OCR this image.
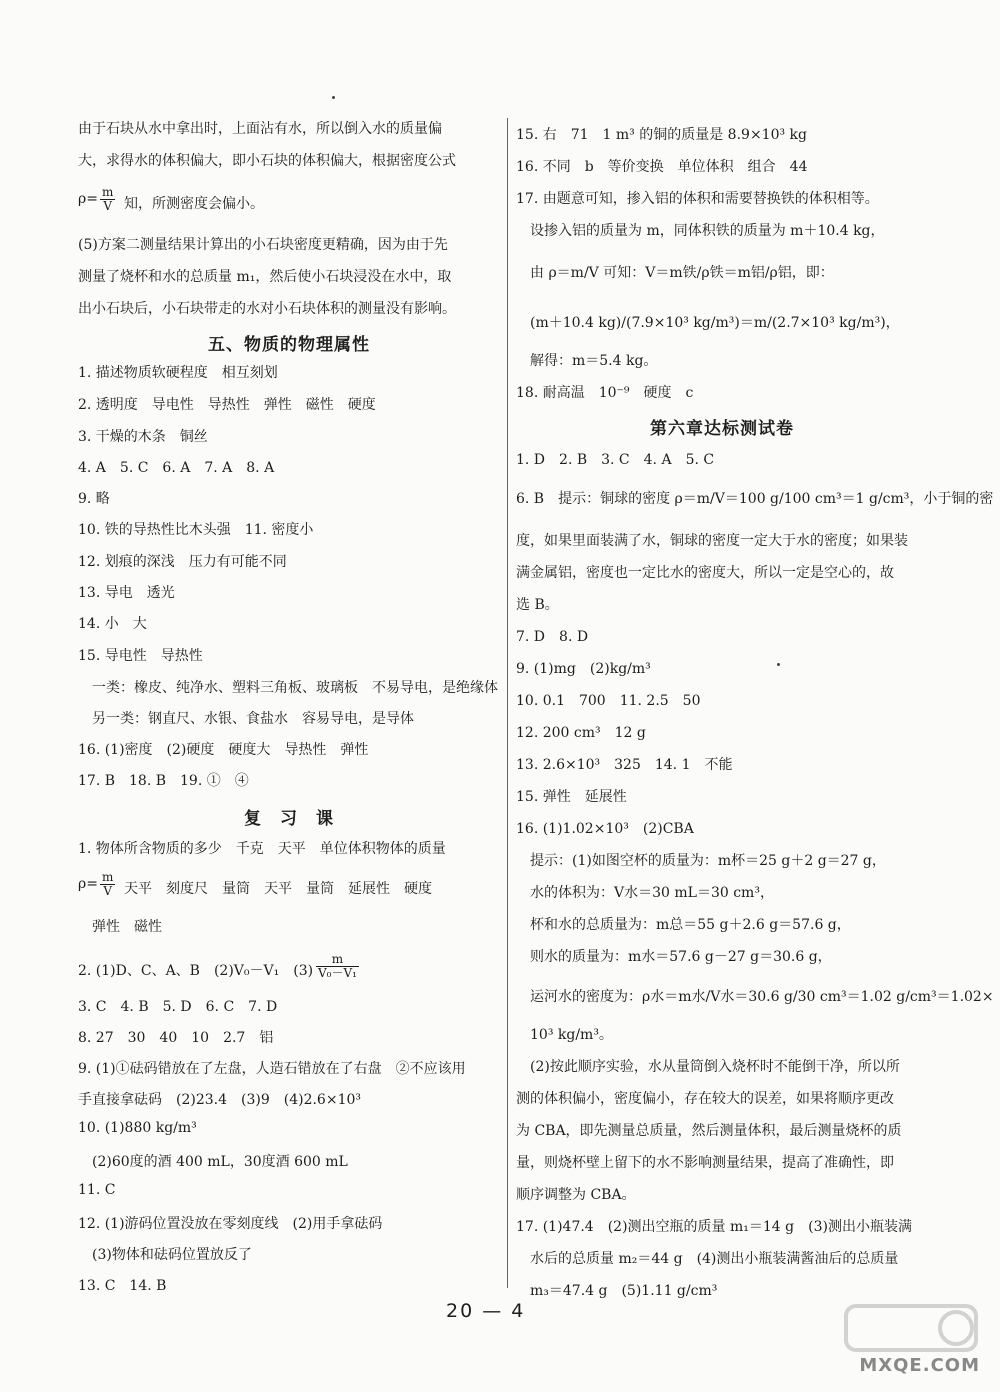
由于石块从水中拿出时，上面沾有水，所以倒入水的质量偏
大，求得水的体积偏大，即小石块的体积偏大，根据密度公式
知，所测密度会偏小。
(5)方案二测量结果计算出的小石块密度更精确，因为由于先
测量了烧杯和水的总质量 m₁，然后使小石块浸没在水中，取
出小石块后，小石块带走的水对小石块体积的测量没有影响。
1. 描述物质软硬程度　相互刻划
2. 透明度　导电性　导热性　弹性　磁性　硬度
3. 干燥的木条　铜丝
4. A　5. C　6. A　7. A　8. A
9. 略
10. 铁的导热性比木头强　11. 密度小
12. 划痕的深浅　压力有可能不同
13. 导电　透光
14. 小　大
15. 导电性　导热性
　一类：橡皮、纯净水、塑料三角板、玻璃板　不易导电，是绝缘体
　另一类：钢直尺、水银、食盐水　容易导电，是导体
16. (1)密度　(2)硬度　硬度大　导热性　弹性
17. B　18. B　19. ①　④
1. 物体所含物质的多少　千克　天平　单位体积物体的质量
天平　刻度尺　量筒　天平　量筒　延展性　硬度
　弹性　磁性
2. (1)D、C、A、B　(2)V₀－V₁　(3)
3. C　4. B　5. D　6. C　7. D
8. 27　30　40　10　2.7　铝
9. (1)①砝码错放在了左盘，人造石错放在了右盘　②不应该用
手直接拿砝码　(2)23.4　(3)9　(4)2.6×10³
10. (1)880 kg/m³
　(2)60度的酒 400 mL，30度酒 600 mL
11. C
12. (1)游码位置没放在零刻度线　(2)用手拿砝码
　(3)物体和砝码位置放反了
13. C　14. B
五、物质的物理属性
复　习　课
$\rho= \frac{m}{V}$
$\rho= \frac{m}{V}$
$\frac{m}{\text{V₀－V₁}}$
15. 右　71　1 m³ 的铜的质量是 8.9×10³ kg
16. 不同　b　等价变换　单位体积　组合　44
17. 由题意可知，掺入铝的体积和需要替换铁的体积相等。
　设掺入铝的质量为 m，同体积铁的质量为 m＋10.4 kg，
　由 ρ＝m/V 可知：V＝m铁/ρ铁＝m铝/ρ铝，即：
　(m＋10.4 kg)/(7.9×10³ kg/m³)＝m/(2.7×10³ kg/m³)，
　解得：m＝5.4 kg。
18. 耐高温　10⁻⁹　硬度　c
1. D　2. B　3. C　4. A　5. C
6. B　提示：铜球的密度 ρ＝m/V＝100 g/100 cm³＝1 g/cm³，小于铜的密
度，如果里面装满了水，铜球的密度一定大于水的密度；如果装
满金属铝，密度也一定比水的密度大，所以一定是空心的，故
选 B。
7. D　8. D
9. (1)mg　(2)kg/m³
10. 0.1　700　11. 2.5　50
12. 200 cm³　12 g
13. 2.6×10³　325　14. 1　不能
15. 弹性　延展性
16. (1)1.02×10³　(2)CBA
　提示：(1)如图空杯的质量为：m杯＝25 g＋2 g＝27 g，
　水的体积为：V水＝30 mL＝30 cm³，
　杯和水的总质量为：m总＝55 g＋2.6 g＝57.6 g，
　则水的质量为：m水＝57.6 g－27 g＝30.6 g，
　运河水的密度为：ρ水＝m水/V水＝30.6 g/30 cm³＝1.02 g/cm³＝1.02×
　10³ kg/m³。
　(2)按此顺序实验，水从量筒倒入烧杯时不能倒干净，所以所
测的体积偏小，密度偏小，存在较大的误差，如果将顺序更改
为 CBA，即先测量总质量，然后测量体积，最后测量烧杯的质
量，则烧杯壁上留下的水不影响测量结果，提高了准确性，即
顺序调整为 CBA。
17. (1)47.4　(2)测出空瓶的质量 m₁＝14 g　(3)测出小瓶装满
　水后的总质量 m₂＝44 g　(4)测出小瓶装满酱油后的总质量
　m₃＝47.4 g　(5)1.11 g/cm³
第六章达标测试卷
20 — 4
MXQE.COM
